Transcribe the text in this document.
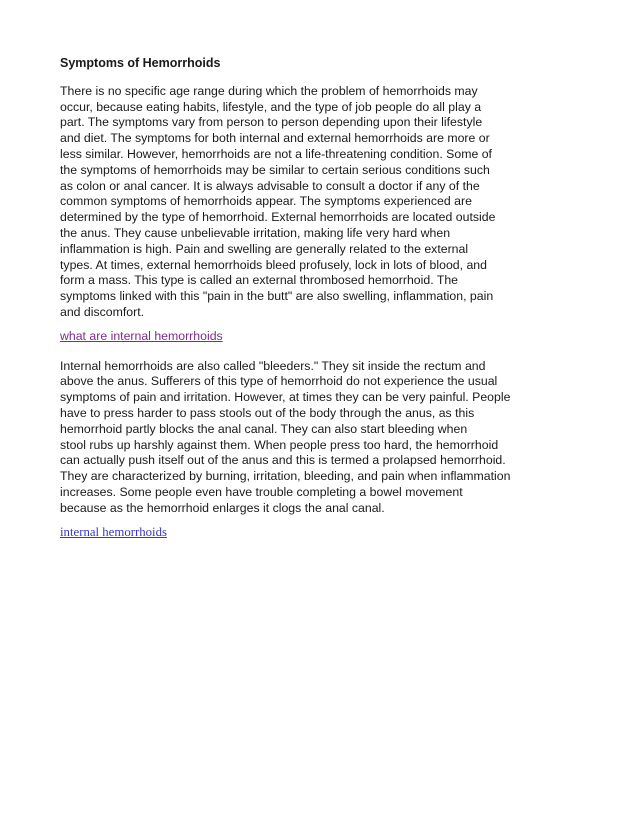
Symptoms of Hemorrhoids
There is no specific age range during which the problem of hemorrhoids may
occur, because eating habits, lifestyle, and the type of job people do all play a
part. The symptoms vary from person to person depending upon their lifestyle
and diet. The symptoms for both internal and external hemorrhoids are more or
less similar. However, hemorrhoids are not a life-threatening condition. Some of
the symptoms of hemorrhoids may be similar to certain serious conditions such
as colon or anal cancer. It is always advisable to consult a doctor if any of the
common symptoms of hemorrhoids appear. The symptoms experienced are
determined by the type of hemorrhoid. External hemorrhoids are located outside
the anus. They cause unbelievable irritation, making life very hard when
inflammation is high. Pain and swelling are generally related to the external
types. At times, external hemorrhoids bleed profusely, lock in lots of blood, and
form a mass. This type is called an external thrombosed hemorrhoid. The
symptoms linked with this "pain in the butt" are also swelling, inflammation, pain
and discomfort.
what are internal hemorrhoids
Internal hemorrhoids are also called "bleeders." They sit inside the rectum and
above the anus. Sufferers of this type of hemorrhoid do not experience the usual
symptoms of pain and irritation. However, at times they can be very painful. People
have to press harder to pass stools out of the body through the anus, as this
hemorrhoid partly blocks the anal canal. They can also start bleeding when
stool rubs up harshly against them. When people press too hard, the hemorrhoid
can actually push itself out of the anus and this is termed a prolapsed hemorrhoid.
They are characterized by burning, irritation, bleeding, and pain when inflammation
increases. Some people even have trouble completing a bowel movement
because as the hemorrhoid enlarges it clogs the anal canal.
internal hemorrhoids
